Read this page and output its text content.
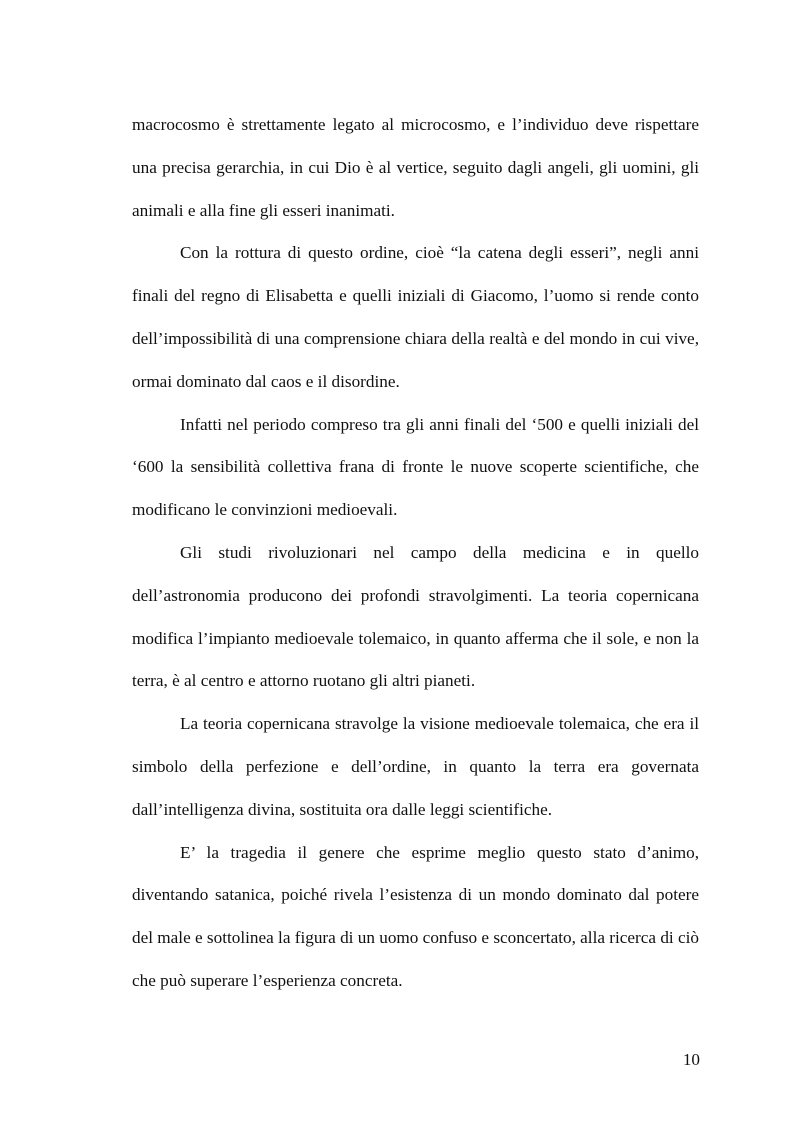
macrocosmo è strettamente legato al microcosmo, e l’individuo deve rispettare una precisa gerarchia, in cui Dio è al vertice, seguito dagli angeli, gli uomini, gli animali e alla fine gli esseri inanimati.

Con la rottura di questo ordine, cioè “la catena degli esseri”, negli anni finali del regno di Elisabetta e quelli iniziali di Giacomo, l’uomo si rende conto dell’impossibilità di una comprensione chiara della realtà e del mondo in cui vive, ormai dominato dal caos e il disordine.

Infatti nel periodo compreso tra gli anni finali del ‘500 e quelli iniziali del ‘600 la sensibilità collettiva frana di fronte le nuove scoperte scientifiche, che modificano le convinzioni medioevali.

Gli studi rivoluzionari nel campo della medicina e in quello dell’astronomia producono dei profondi stravolgimenti. La teoria copernicana modifica l’impianto medioevale tolemaico, in quanto afferma che il sole, e non la terra, è al centro e attorno ruotano gli altri pianeti.

La teoria copernicana stravolge la visione medioevale tolemaica, che era il simbolo della perfezione e dell’ordine, in quanto la terra era governata dall’intelligenza divina, sostituita ora dalle leggi scientifiche.

E’ la tragedia il genere che esprime meglio questo stato d’animo, diventando satanica, poiché rivela l’esistenza di un mondo dominato dal potere del male e sottolinea la figura di un uomo confuso e sconcertato, alla ricerca di ciò che può superare l’esperienza concreta.

10
